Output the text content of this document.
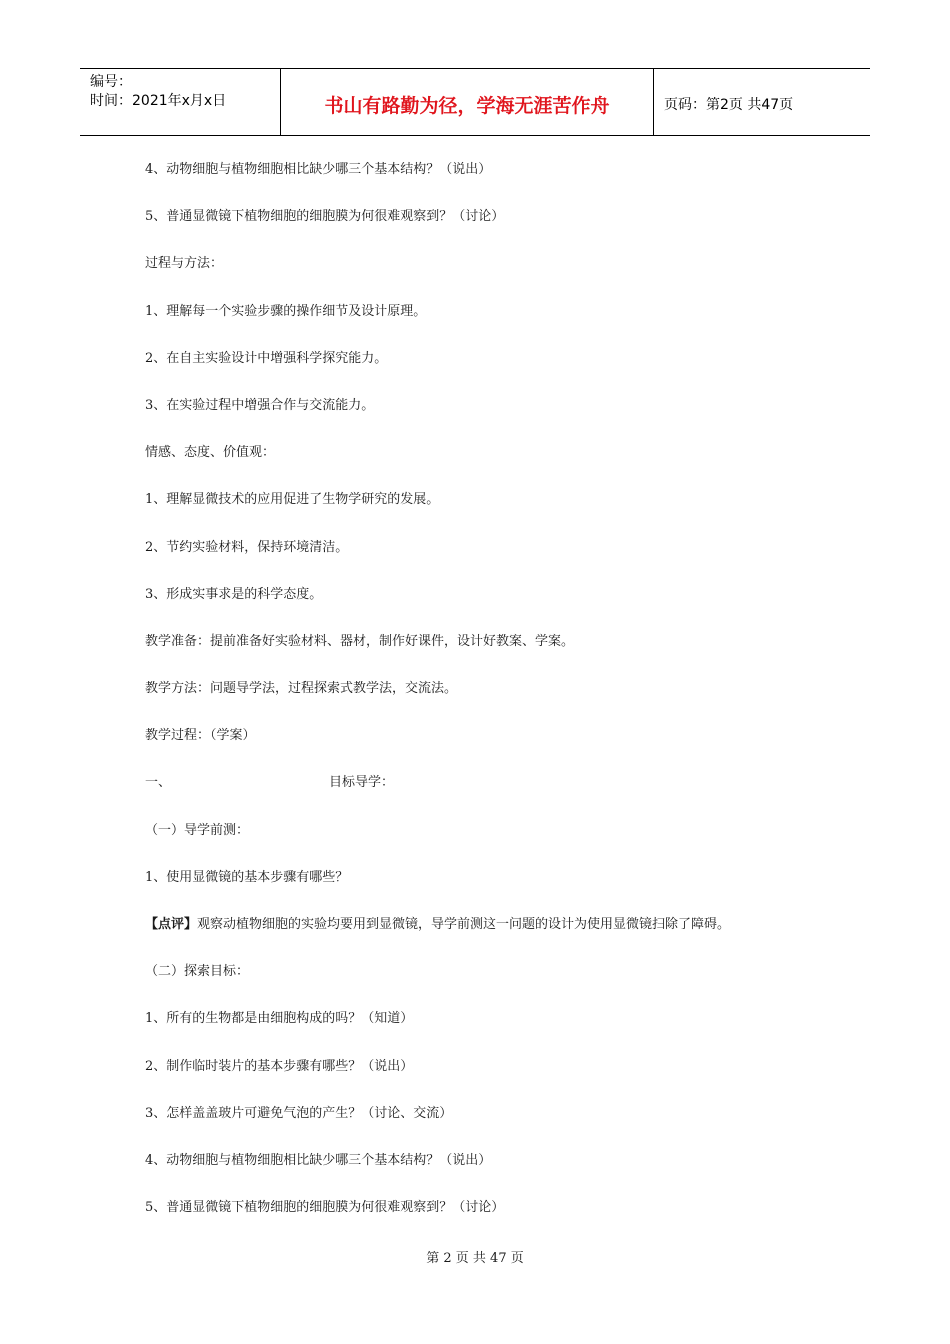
编号：
时间：2021年x月x日	书山有路勤为径，学海无涯苦作舟	页码：第2页 共47页
4、动物细胞与植物细胞相比缺少哪三个基本结构？（说出）
5、普通显微镜下植物细胞的细胞膜为何很难观察到？（讨论）
过程与方法：
1、理解每一个实验步骤的操作细节及设计原理。
2、在自主实验设计中增强科学探究能力。
3、在实验过程中增强合作与交流能力。
情感、态度、价值观：
1、理解显微技术的应用促进了生物学研究的发展。
2、节约实验材料，保持环境清洁。
3、形成实事求是的科学态度。
教学准备：提前准备好实验材料、器材，制作好课件，设计好教案、学案。
教学方法：问题导学法，过程探索式教学法，交流法。
教学过程：（学案）
一、	目标导学：
（一）导学前测：
1、使用显微镜的基本步骤有哪些？
【点评】观察动植物细胞的实验均要用到显微镜，导学前测这一问题的设计为使用显微镜扫除了障碍。
（二）探索目标：
1、所有的生物都是由细胞构成的吗？（知道）
2、制作临时装片的基本步骤有哪些？（说出）
3、怎样盖盖玻片可避免气泡的产生？（讨论、交流）
4、动物细胞与植物细胞相比缺少哪三个基本结构？（说出）
5、普通显微镜下植物细胞的细胞膜为何很难观察到？（讨论）
第 2 页 共 47 页
